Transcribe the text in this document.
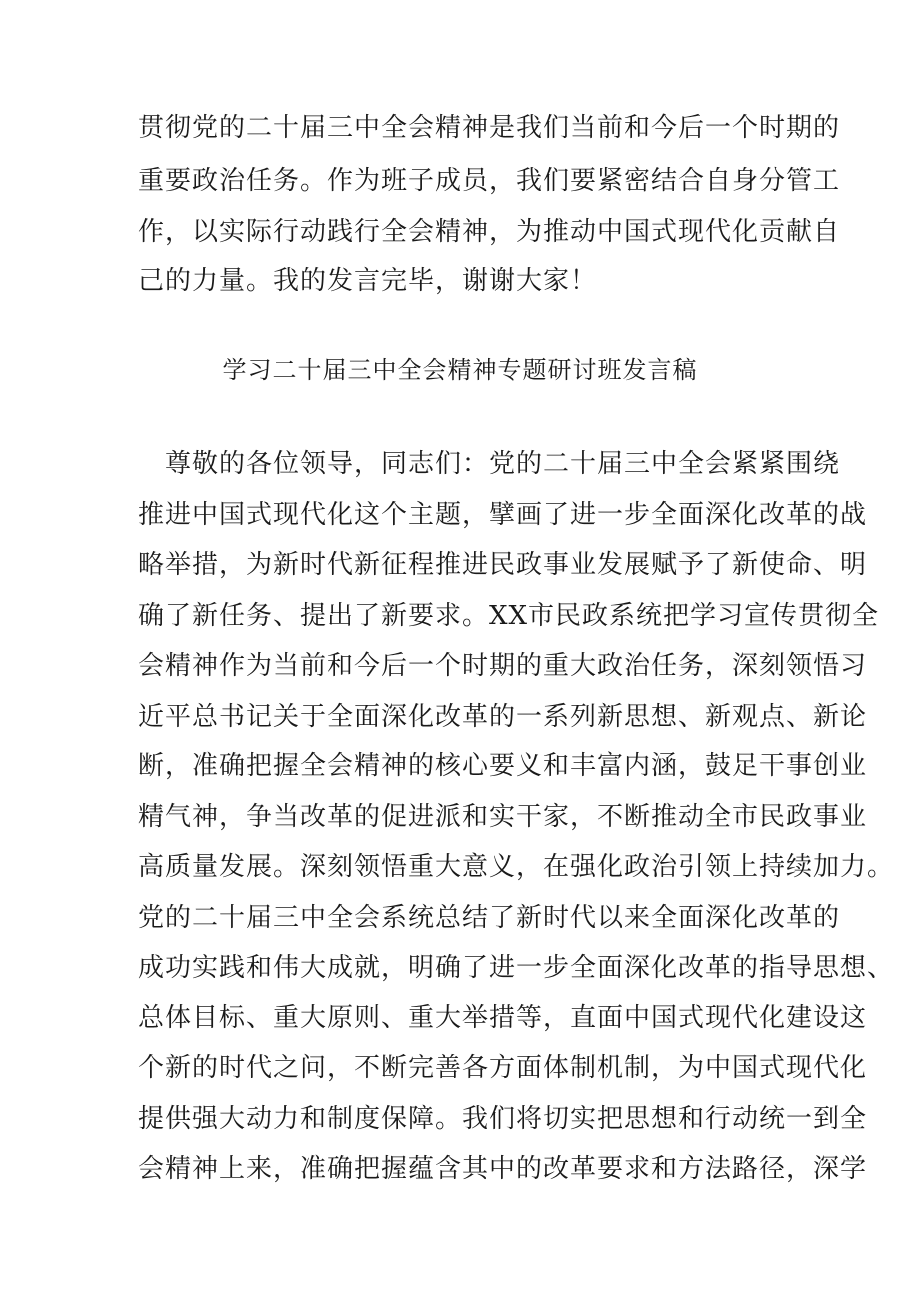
贯彻党的二十届三中全会精神是我们当前和今后一个时期的
重要政治任务。作为班子成员，我们要紧密结合自身分管工
作，以实际行动践行全会精神，为推动中国式现代化贡献自
己的力量。我的发言完毕，谢谢大家！
学习二十届三中全会精神专题研讨班发言稿
　尊敬的各位领导，同志们：党的二十届三中全会紧紧围绕
推进中国式现代化这个主题，擘画了进一步全面深化改革的战
略举措，为新时代新征程推进民政事业发展赋予了新使命、明
确了新任务、提出了新要求。XX市民政系统把学习宣传贯彻全
会精神作为当前和今后一个时期的重大政治任务，深刻领悟习
近平总书记关于全面深化改革的一系列新思想、新观点、新论
断，准确把握全会精神的核心要义和丰富内涵，鼓足干事创业
精气神，争当改革的促进派和实干家，不断推动全市民政事业
高质量发展。深刻领悟重大意义，在强化政治引领上持续加力。
党的二十届三中全会系统总结了新时代以来全面深化改革的
成功实践和伟大成就，明确了进一步全面深化改革的指导思想、
总体目标、重大原则、重大举措等，直面中国式现代化建设这
个新的时代之问，不断完善各方面体制机制，为中国式现代化
提供强大动力和制度保障。我们将切实把思想和行动统一到全
会精神上来，准确把握蕴含其中的改革要求和方法路径，深学
